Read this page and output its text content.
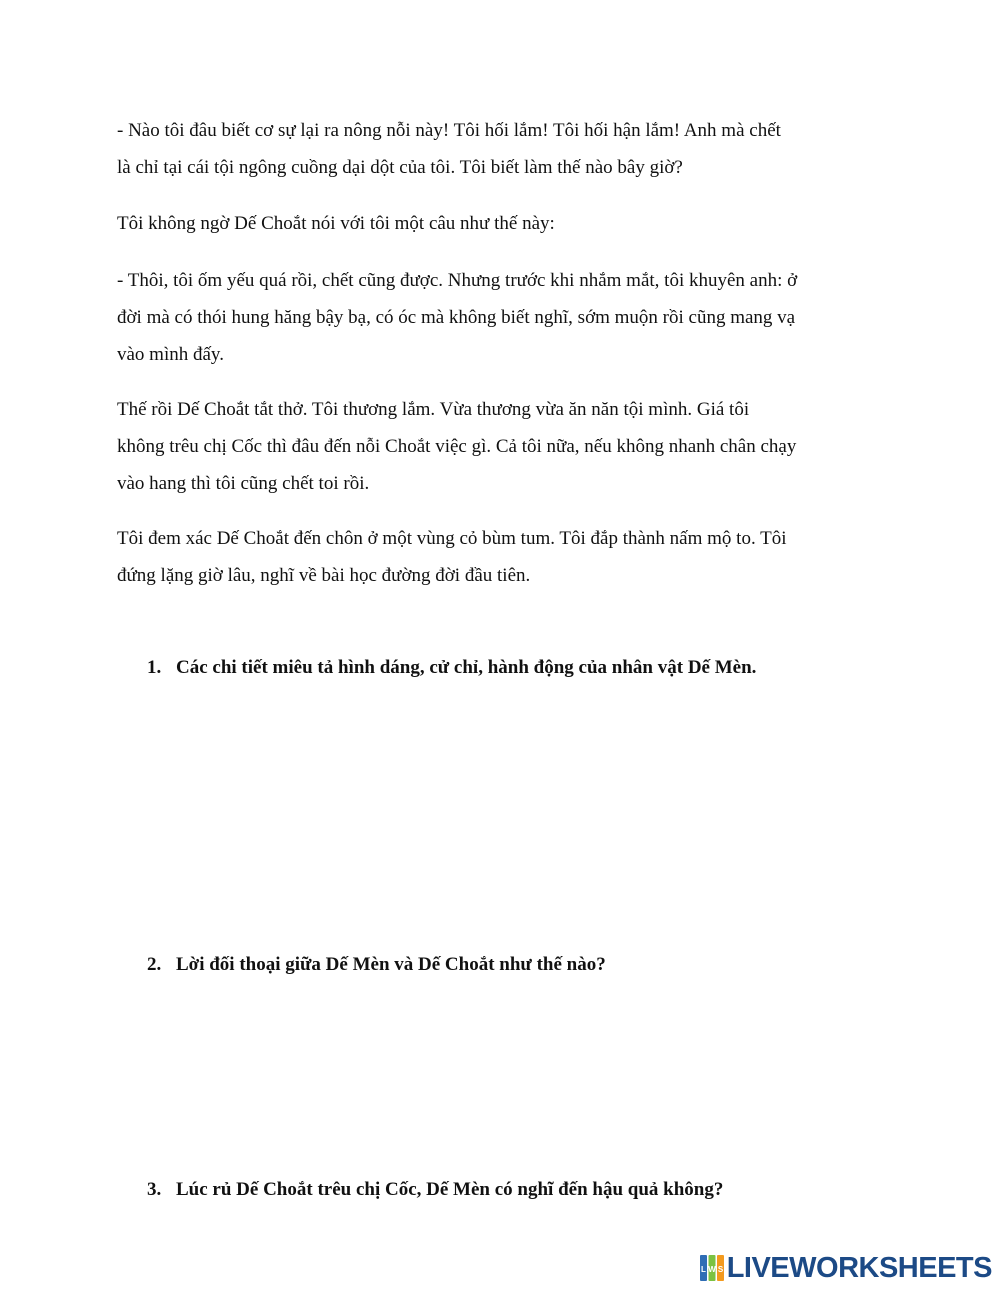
- Nào tôi đâu biết cơ sự lại ra nông nỗi này! Tôi hối lắm! Tôi hối hận lắm! Anh mà chết
là chỉ tại cái tội ngông cuồng dại dột của tôi. Tôi biết làm thế nào bây giờ?
Tôi không ngờ Dế Choắt nói với tôi một câu như thế này:
- Thôi, tôi ốm yếu quá rồi, chết cũng được. Nhưng trước khi nhắm mắt, tôi khuyên anh: ở
đời mà có thói hung hăng bậy bạ, có óc mà không biết nghĩ, sớm muộn rồi cũng mang vạ
vào mình đấy.
Thế rồi Dế Choắt tắt thở. Tôi thương lắm. Vừa thương vừa ăn năn tội mình. Giá tôi
không trêu chị Cốc thì đâu đến nỗi Choắt việc gì. Cả tôi nữa, nếu không nhanh chân chạy
vào hang thì tôi cũng chết toi rồi.
Tôi đem xác Dế Choắt đến chôn ở một vùng cỏ bùm tum. Tôi đắp thành nấm mộ to. Tôi
đứng lặng giờ lâu, nghĩ về bài học đường đời đầu tiên.
1. Các chi tiết miêu tả hình dáng, cử chỉ, hành động của nhân vật Dế Mèn.
2. Lời đối thoại giữa Dế Mèn và Dế Choắt như thế nào?
3. Lúc rủ Dế Choắt trêu chị Cốc, Dế Mèn có nghĩ đến hậu quả không?
L W S LIVEWORKSHEETS
